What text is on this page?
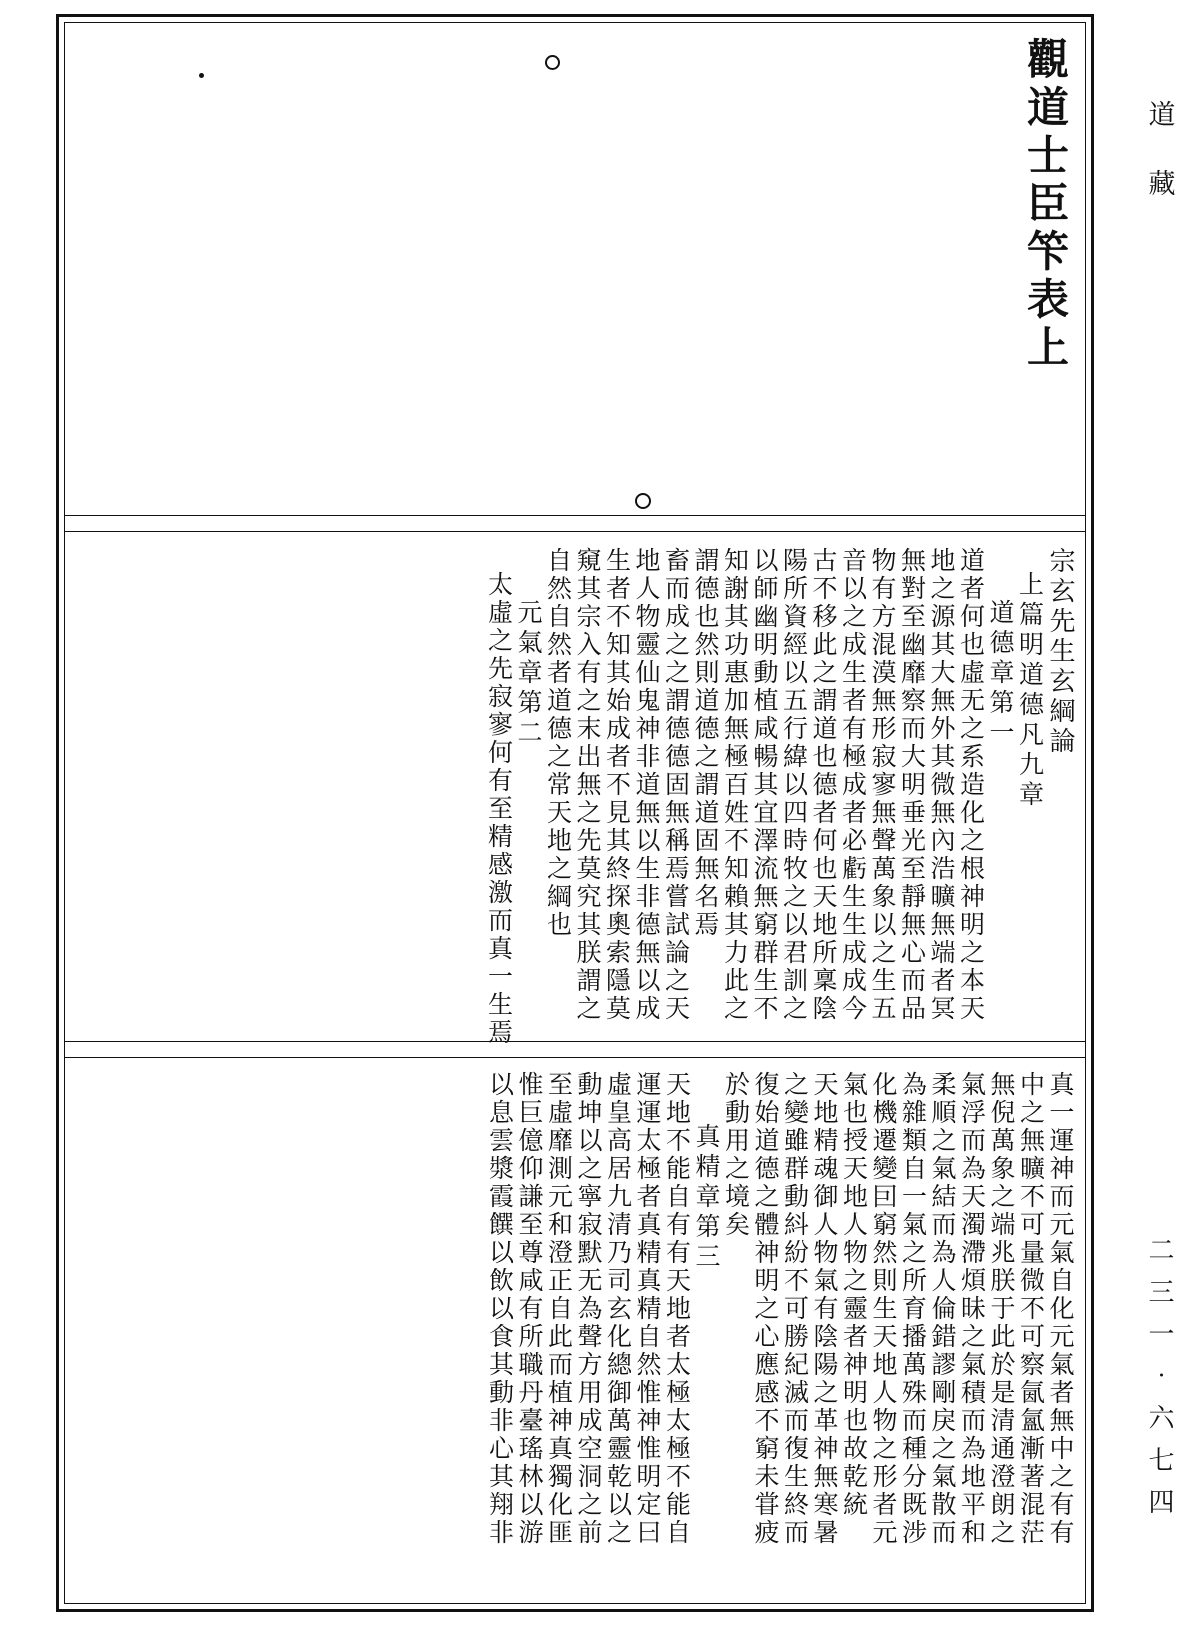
道藏
二三一‧六七四
觀道士臣笇表上
太虛之先寂寥何有至精感激而真一生焉 元氣章第二 自然自然者道德之常天地之綱也 窺其宗入有之末出無之先莫究其朕謂之 生者不知其始成者不見其終探奧索隱莫 地人物靈仙鬼神非道無以生非德無以成 畜而成之之謂德德固無稱焉嘗試論之天 謂德也然則道德之謂道固無名焉 知謝其功惠加無極百姓不知賴其力此之 以師幽明動植咸暢其宜澤流無窮群生不 陽所資經以五行緯以四時牧之以君訓之 古不移此之謂道也德者何也天地所稟陰 音以之成生者有極成者必虧生生成成今 物有方混漠無形寂寥無聲萬象以之生五 無對至幽靡察而大明垂光至靜無心而品 地之源其大無外其微無內浩曠無端者冥 道者何也虛无之系造化之根神明之本天 道德章第一 上篇明道德凡九章 宗玄先生玄綱論
以息雲漿霞饌以飲以食其動非心其翔非 惟巨億仰謙至尊咸有所職丹臺瑤林以游 至虛靡測元和澄正自此而植神真獨化匪 動坤以之寧寂默无為聲方用成空洞之前 虛皇高居九清乃司玄化總御萬靈乾以之 運運太極者真精真精自然惟神惟明定曰 天地不能自有有天地者太極太極不能自 真精章第三 於動用之境矣 復始道德之體神明之心應感不窮未甞疲 之變雖群動紏紛不可勝紀滅而復生終而 天地精魂御人物氣有陰陽之革神無寒暑 氣也授天地人物之靈者神明也故乾統 化機遷變囙窮然則生天地人物之形者元 為雜類自一氣之所育播萬殊而種分既涉 柔順之氣結而為人倫錯謬剛戾之氣散而 氣浮而為天濁滯煩昧之氣積而為地平和 無倪萬象之端兆朕于此於是清通澄朗之 中之無曠不可量微不可察氤氳漸著混茫 真一運神而元氣自化元氣者無中之有有
